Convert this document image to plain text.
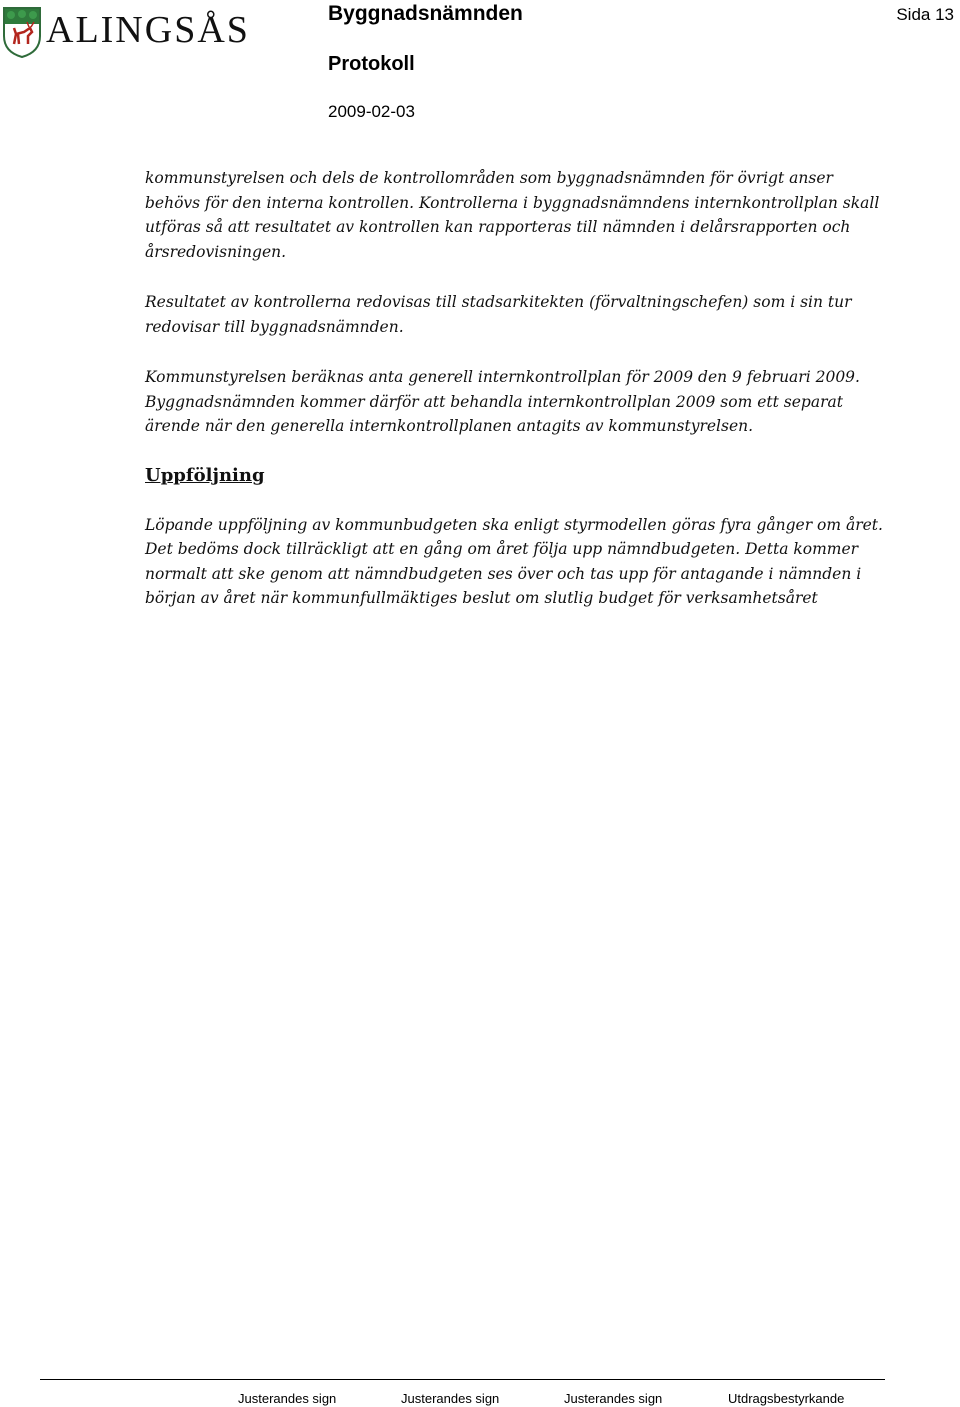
ALINGSÅS	Byggnadsnämnden	Sida 13
Protokoll
2009-02-03

kommunstyrelsen och dels de kontrollområden som byggnadsnämnden för övrigt anser behövs för den interna kontrollen. Kontrollerna i byggnadsnämndens internkontrollplan skall utföras så att resultatet av kontrollen kan rapporteras till nämnden i delårsrapporten och årsredovisningen.

Resultatet av kontrollerna redovisas till stadsarkitekten (förvaltningschefen) som i sin tur redovisar till byggnadsnämnden.

Kommunstyrelsen beräknas anta generell internkontrollplan för 2009 den 9 februari 2009. Byggnadsnämnden kommer därför att behandla internkontrollplan 2009 som ett separat ärende när den generella internkontrollplanen antagits av kommunstyrelsen.

Uppföljning

Löpande uppföljning av kommunbudgeten ska enligt styrmodellen göras fyra gånger om året. Det bedöms dock tillräckligt att en gång om året följa upp nämndbudgeten. Detta kommer normalt att ske genom att nämndbudgeten ses över och tas upp för antagande i nämnden i början av året när kommunfullmäktiges beslut om slutlig budget för verksamhetsåret

Justerandes sign	Justerandes sign	Justerandes sign	Utdragsbestyrkande
